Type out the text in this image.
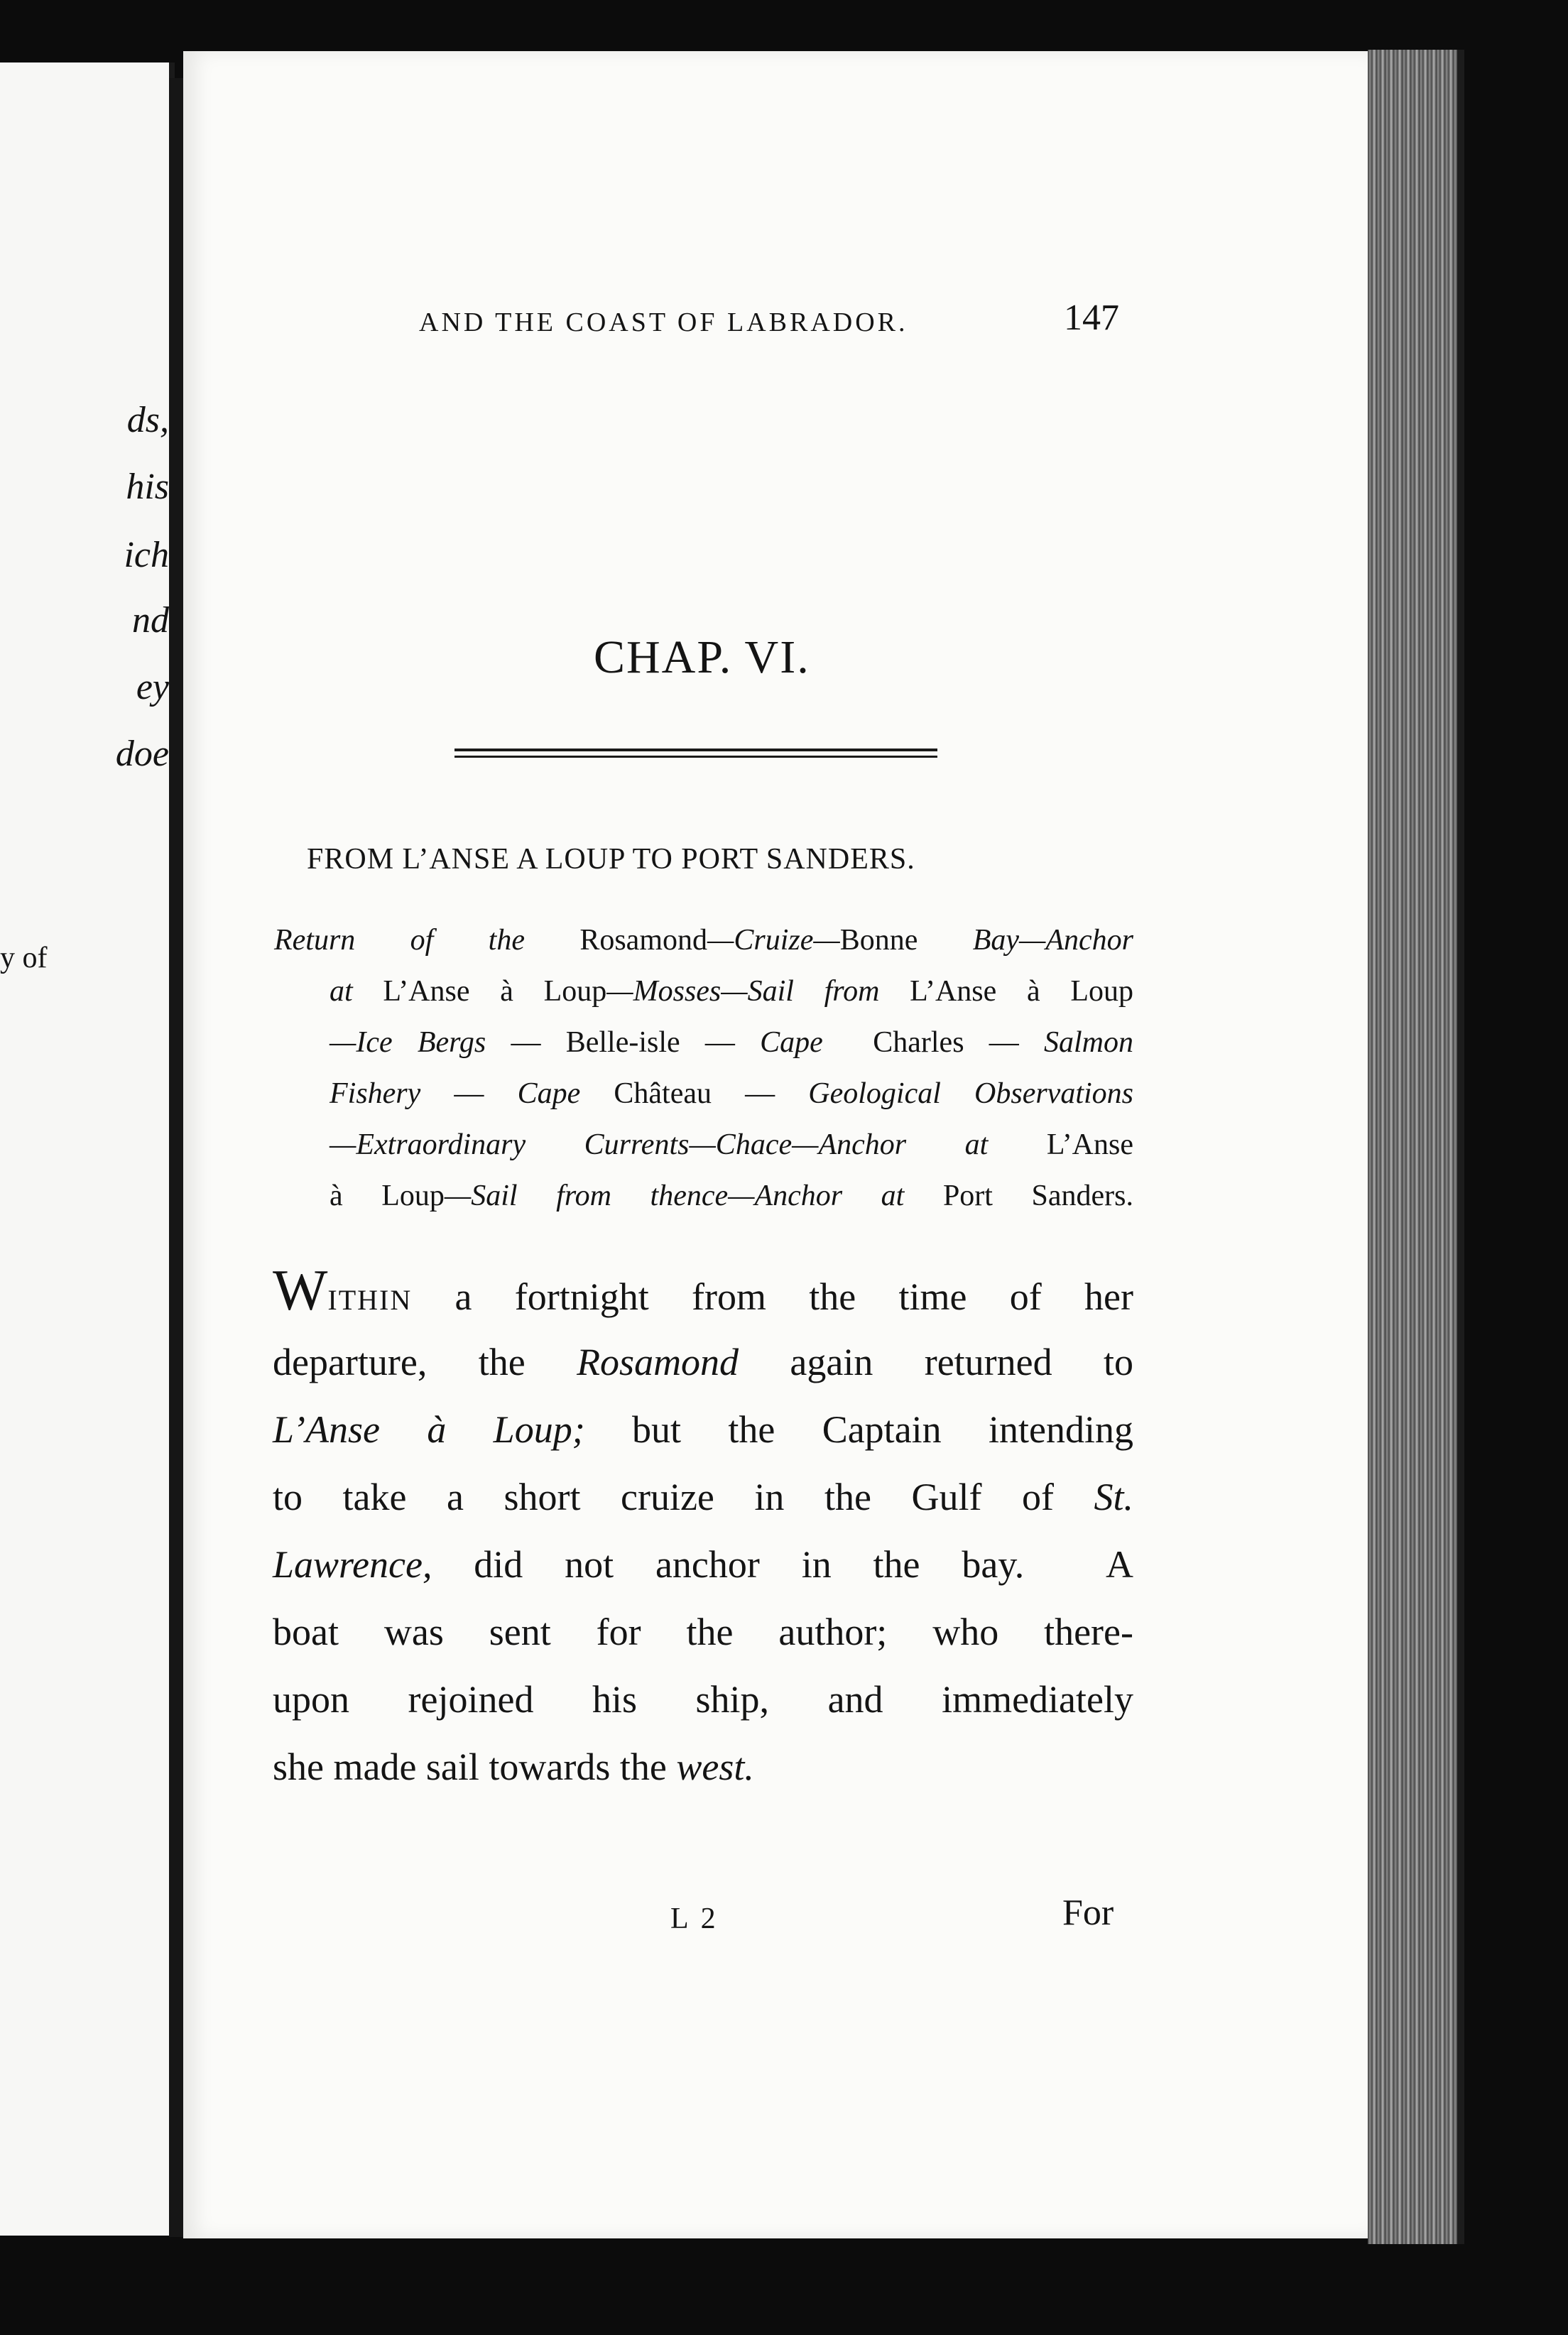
ds,
his
ich
nd
ey
doe
y of
AND THE COAST OF LABRADOR.	147
CHAP. VI.
FROM L’ANSE A LOUP TO PORT SANDERS.
Return of the Rosamond—Cruize—Bonne Bay—Anchor
at L’Anse à Loup—Mosses—Sail from L’Anse à Loup
—Ice Bergs — Belle-isle — Cape  Charles — Salmon
Fishery — Cape Château — Geological Observations
—Extraordinary Currents—Chace—Anchor at L’Anse
à Loup—Sail from thence—Anchor at Port Sanders.
WITHIN a fortnight from the time of her
departure, the Rosamond again returned to
L’Anse à Loup; but the Captain intending
to take a short cruize in the Gulf of St.
Lawrence, did not anchor in the bay.  A
boat was sent for the author; who there-
upon rejoined his ship, and immediately
she made sail towards the west.
L 2	For
